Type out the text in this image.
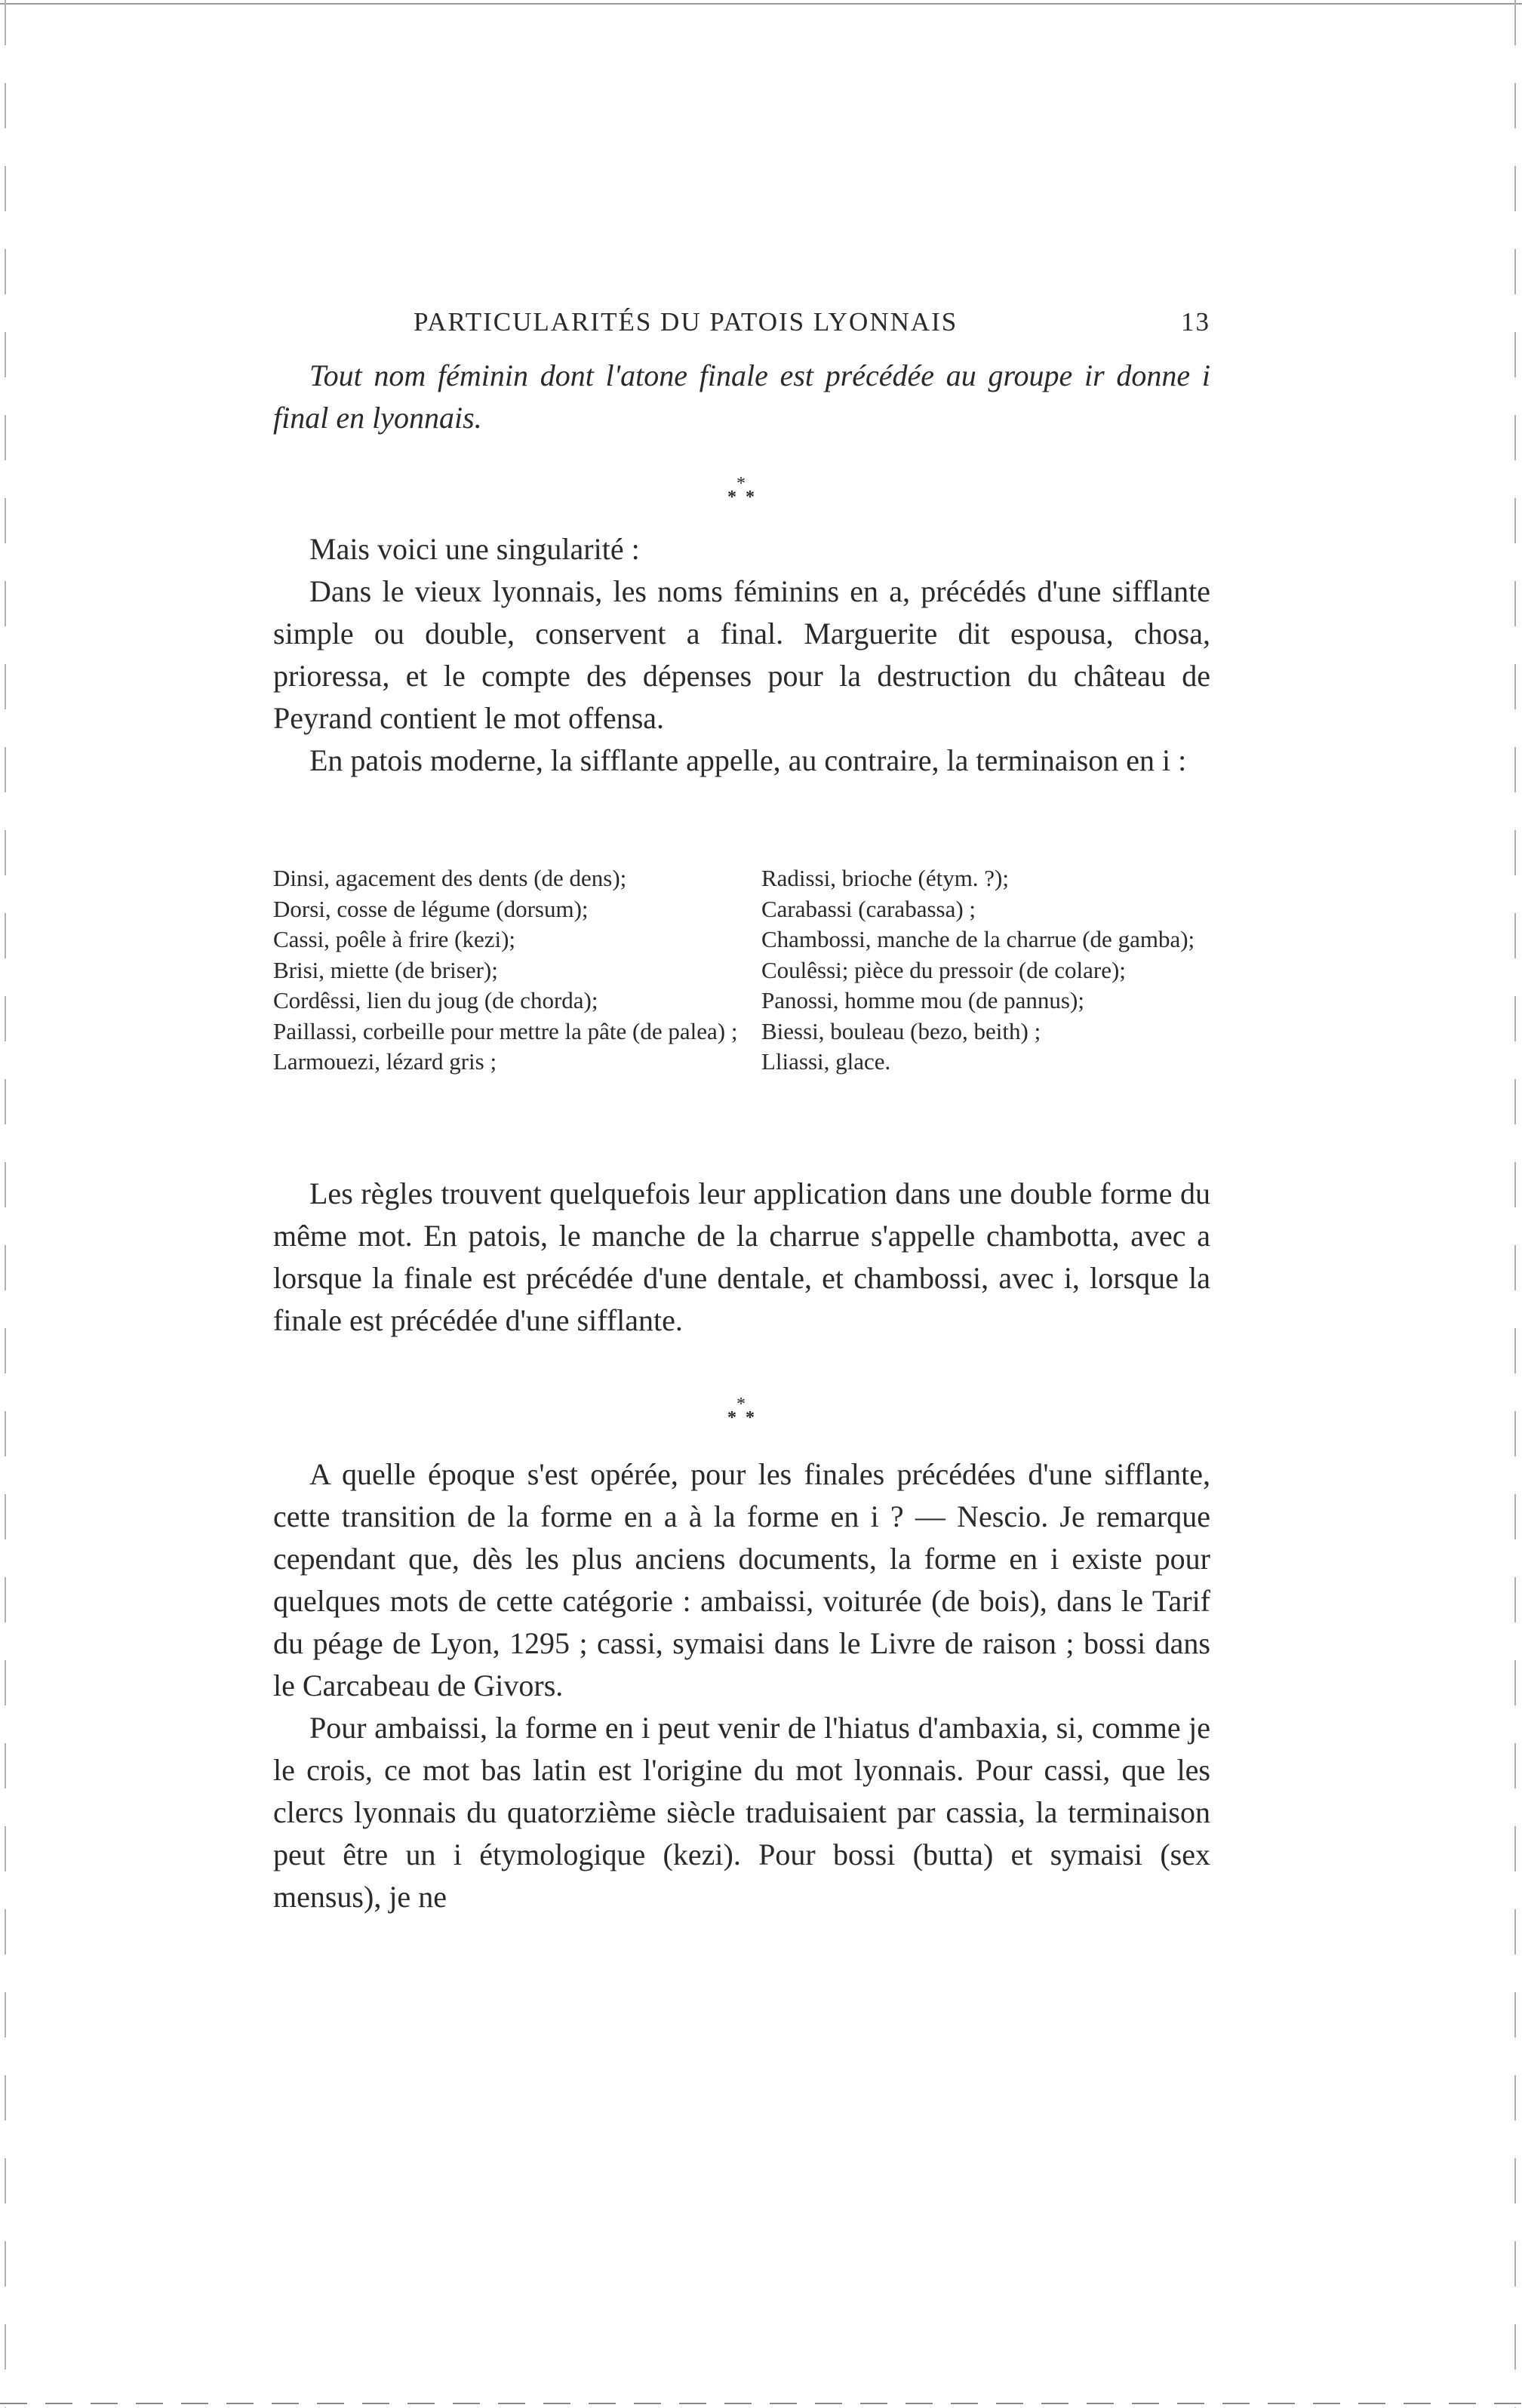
PARTICULARITÉS DU PATOIS LYONNAIS	13

Tout nom féminin dont l'atone finale est précédée au groupe ir donne i final en lyonnais.

*
* *

Mais voici une singularité :

Dans le vieux lyonnais, les noms féminins en a, précédés d'une sifflante simple ou double, conservent a final. Marguerite dit espousa, chosa, prioressa, et le compte des dépenses pour la destruction du château de Peyrand contient le mot offensa.

En patois moderne, la sifflante appelle, au contraire, la terminaison en i :

Dinsi, agacement des dents (de dens);

Dorsi, cosse de légume (dorsum);

Cassi, poêle à frire (kezi);

Brisi, miette (de briser);

Cordêssi, lien du joug (de chorda);

Paillassi, corbeille pour mettre la pâte (de palea) ;

Larmouezi, lézard gris ;

Radissi, brioche (étym. ?);

Carabassi (carabassa) ;

Chambossi, manche de la charrue (de gamba);

Coulêssi; pièce du pressoir (de colare);

Panossi, homme mou (de pannus);

Biessi, bouleau (bezo, beith) ;

Lliassi, glace.

Les règles trouvent quelquefois leur application dans une double forme du même mot. En patois, le manche de la charrue s'appelle chambotta, avec a lorsque la finale est précédée d'une dentale, et chambossi, avec i, lorsque la finale est précédée d'une sifflante.

*
* *

A quelle époque s'est opérée, pour les finales précédées d'une sifflante, cette transition de la forme en a à la forme en i ? — Nescio. Je remarque cependant que, dès les plus anciens documents, la forme en i existe pour quelques mots de cette catégorie : ambaissi, voiturée (de bois), dans le Tarif du péage de Lyon, 1295 ; cassi, symaisi dans le Livre de raison ; bossi dans le Carcabeau de Givors.

Pour ambaissi, la forme en i peut venir de l'hiatus d'ambaxia, si, comme je le crois, ce mot bas latin est l'origine du mot lyonnais. Pour cassi, que les clercs lyonnais du quatorzième siècle traduisaient par cassia, la terminaison peut être un i étymologique (kezi). Pour bossi (butta) et symaisi (sex mensus), je ne
